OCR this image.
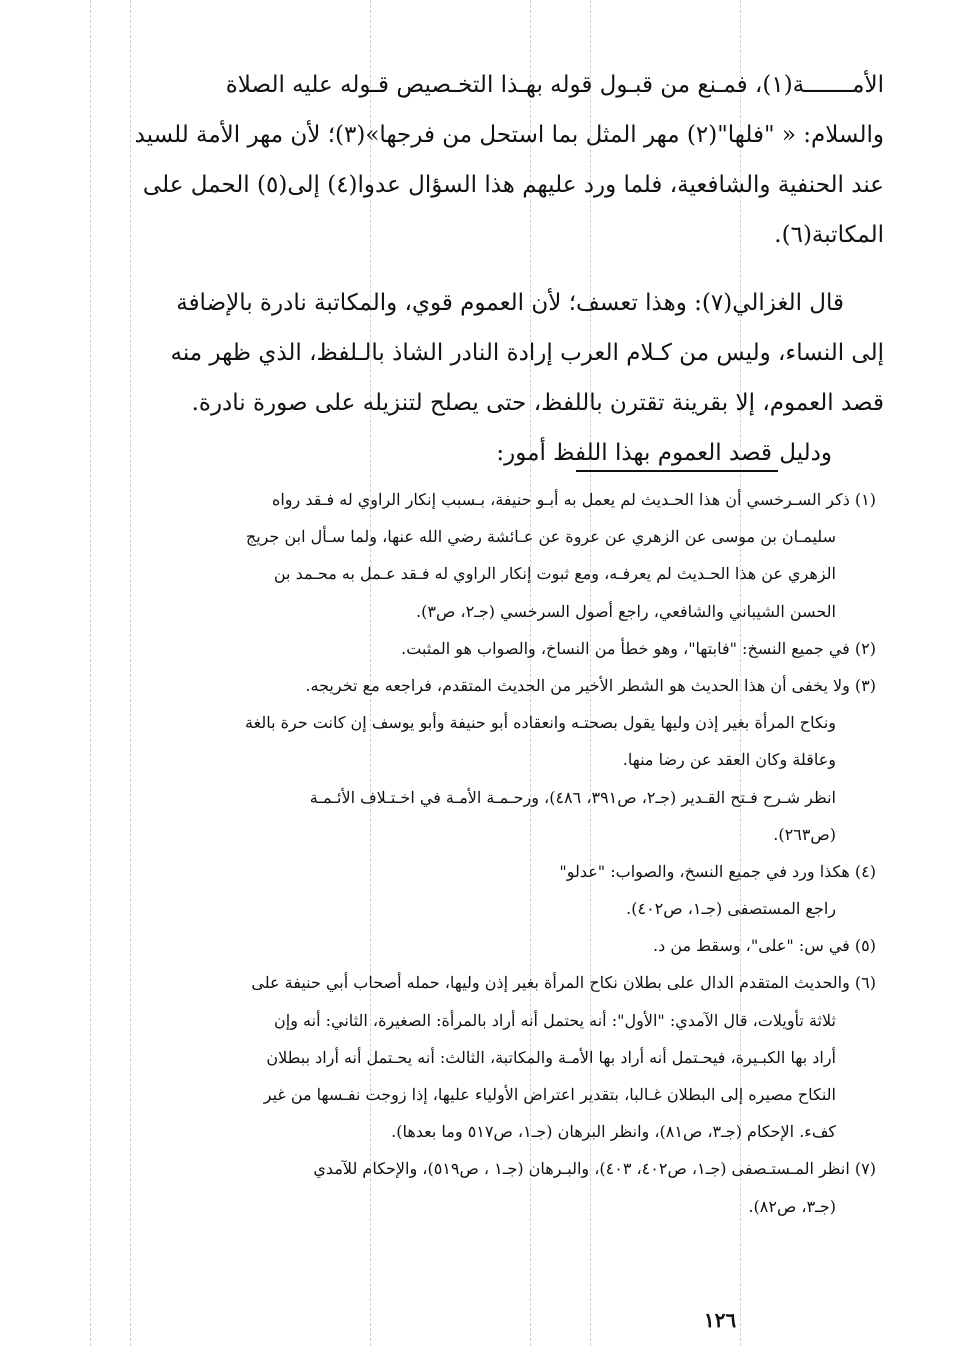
الأمـــــــة(١)، فمـنع من قبـول قوله بهـذا التخـصيص قـوله عليه الصلاة
والسلام: « "فلها"(٢) مهر المثل بما استحل من فرجها»(٣)؛ لأن مهر الأمة للسيد
عند الحنفية والشافعية، فلما ورد عليهم هذا السؤال عدوا(٤) إلى(٥) الحمل على
المكاتبة(٦).
قال الغزالي(٧): وهذا تعسف؛ لأن العموم قوي، والمكاتبة نادرة بالإضافة
إلى النساء، وليس من كـلام العرب إرادة النادر الشاذ بالـلفظ، الذي ظهر منه
قصد العموم، إلا بقرينة تقترن باللفظ، حتى يصلح لتنزيله على صورة نادرة.
ودليل قصد العموم بهذا اللفظ أمور:
(١) ذكر السـرخسي أن هذا الحـديث لم يعمل به أبـو حنيفة، بـسبب إنكار الراوي له فـقد رواه
سليمـان بن موسى عن الزهري عن عروة عن عـائشة رضي الله عنها، ولما سـأل ابن جريج
الزهري عن هذا الحـديث لم يعرفـه، ومع ثبوت إنكار الراوي له فـقد عـمل به محـمد بن
الحسن الشيباني والشافعي، راجع أصول السرخسي (جـ٢، ص٣).
(٢) في جميع النسخ: "فابتها"، وهو خطأ من النساخ، والصواب هو المثبت.
(٣) ولا يخفى أن هذا الحديث هو الشطر الأخير من الحديث المتقدم، فراجعه مع تخريجه.
ونكاح المرأة بغير إذن وليها يقول بصحتـه وانعقاده أبو حنيفة وأبو يوسف إن كانت حرة بالغة
وعاقلة وكان العقد عن رضا منها.
انظر شـرح فـتح القـدير (جـ٢، ص٣٩١، ٤٨٦)، ورحـمـة الأمـة في اخـتـلاف الأئـمـة
(ص٢٦٣).
(٤) هكذا ورد في جميع النسخ، والصواب: "عدلو"
راجع المستصفى (جـ١، ص٤٠٢).
(٥) في س: "على"، وسقط من د.
(٦) والحديث المتقدم الدال على بطلان نكاح المرأة بغير إذن وليها، حمله أصحاب أبي حنيفة على
ثلاثة تأويلات، قال الآمدي: "الأول": أنه يحتمل أنه أراد بالمرأة: الصغيرة، الثاني: أنه وإن
أراد بها الكبـيرة، فيحـتمل أنه أراد بها الأمـة والمكاتبة، الثالث: أنه يحـتمل أنه أراد ببطلان
النكاح مصيره إلى البطلان غـالبا، بتقدير اعتراض الأولياء عليها، إذا زوجت نفـسها من غير
كفء. الإحكام (جـ٣، ص٨١)، وانظر البرهان (جـ١، ص٥١٧ وما بعدها).
(٧) انظر المـستـصفى (جـ١، ص٤٠٢، ٤٠٣)، والبـرهان (جـ١ ، ص٥١٩)، والإحكام للآمدي
(جـ٣، ص٨٢).
١٢٦
